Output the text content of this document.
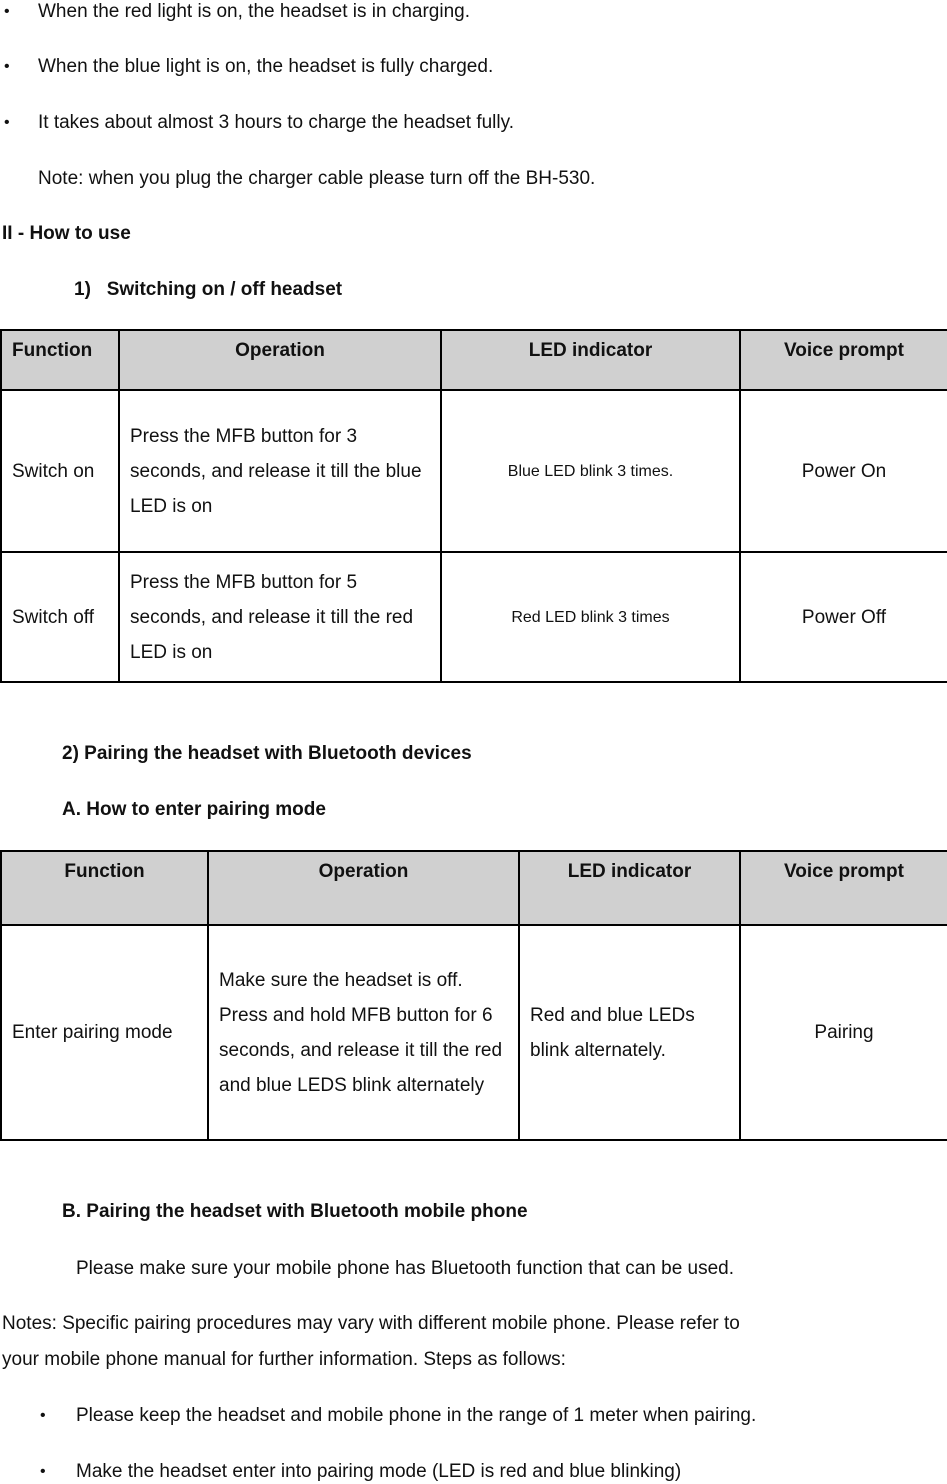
• When the red light is on, the headset is in charging.
• When the blue light is on, the headset is fully charged.
• It takes about almost 3 hours to charge the headset fully.
Note: when you plug the charger cable please turn off the BH-530.
II - How to use
1)   Switching on / off headset
Function	Operation	LED indicator	Voice prompt
Switch on	Press the MFB button for 3 seconds, and release it till the blue LED is on	Blue LED blink 3 times.	Power On
Switch off	Press the MFB button for 5 seconds, and release it till the red LED is on	Red LED blink 3 times	Power Off
2) Pairing the headset with Bluetooth devices
A. How to enter pairing mode
Function	Operation	LED indicator	Voice prompt
Enter pairing mode	Make sure the headset is off. Press and hold MFB button for 6 seconds, and release it till the red and blue LEDS blink alternately	Red and blue LEDs blink alternately.	Pairing
B. Pairing the headset with Bluetooth mobile phone
Please make sure your mobile phone has Bluetooth function that can be used.
Notes: Specific pairing procedures may vary with different mobile phone. Please refer to
your mobile phone manual for further information. Steps as follows:
• Please keep the headset and mobile phone in the range of 1 meter when pairing.
• Make the headset enter into pairing mode (LED is red and blue blinking)
